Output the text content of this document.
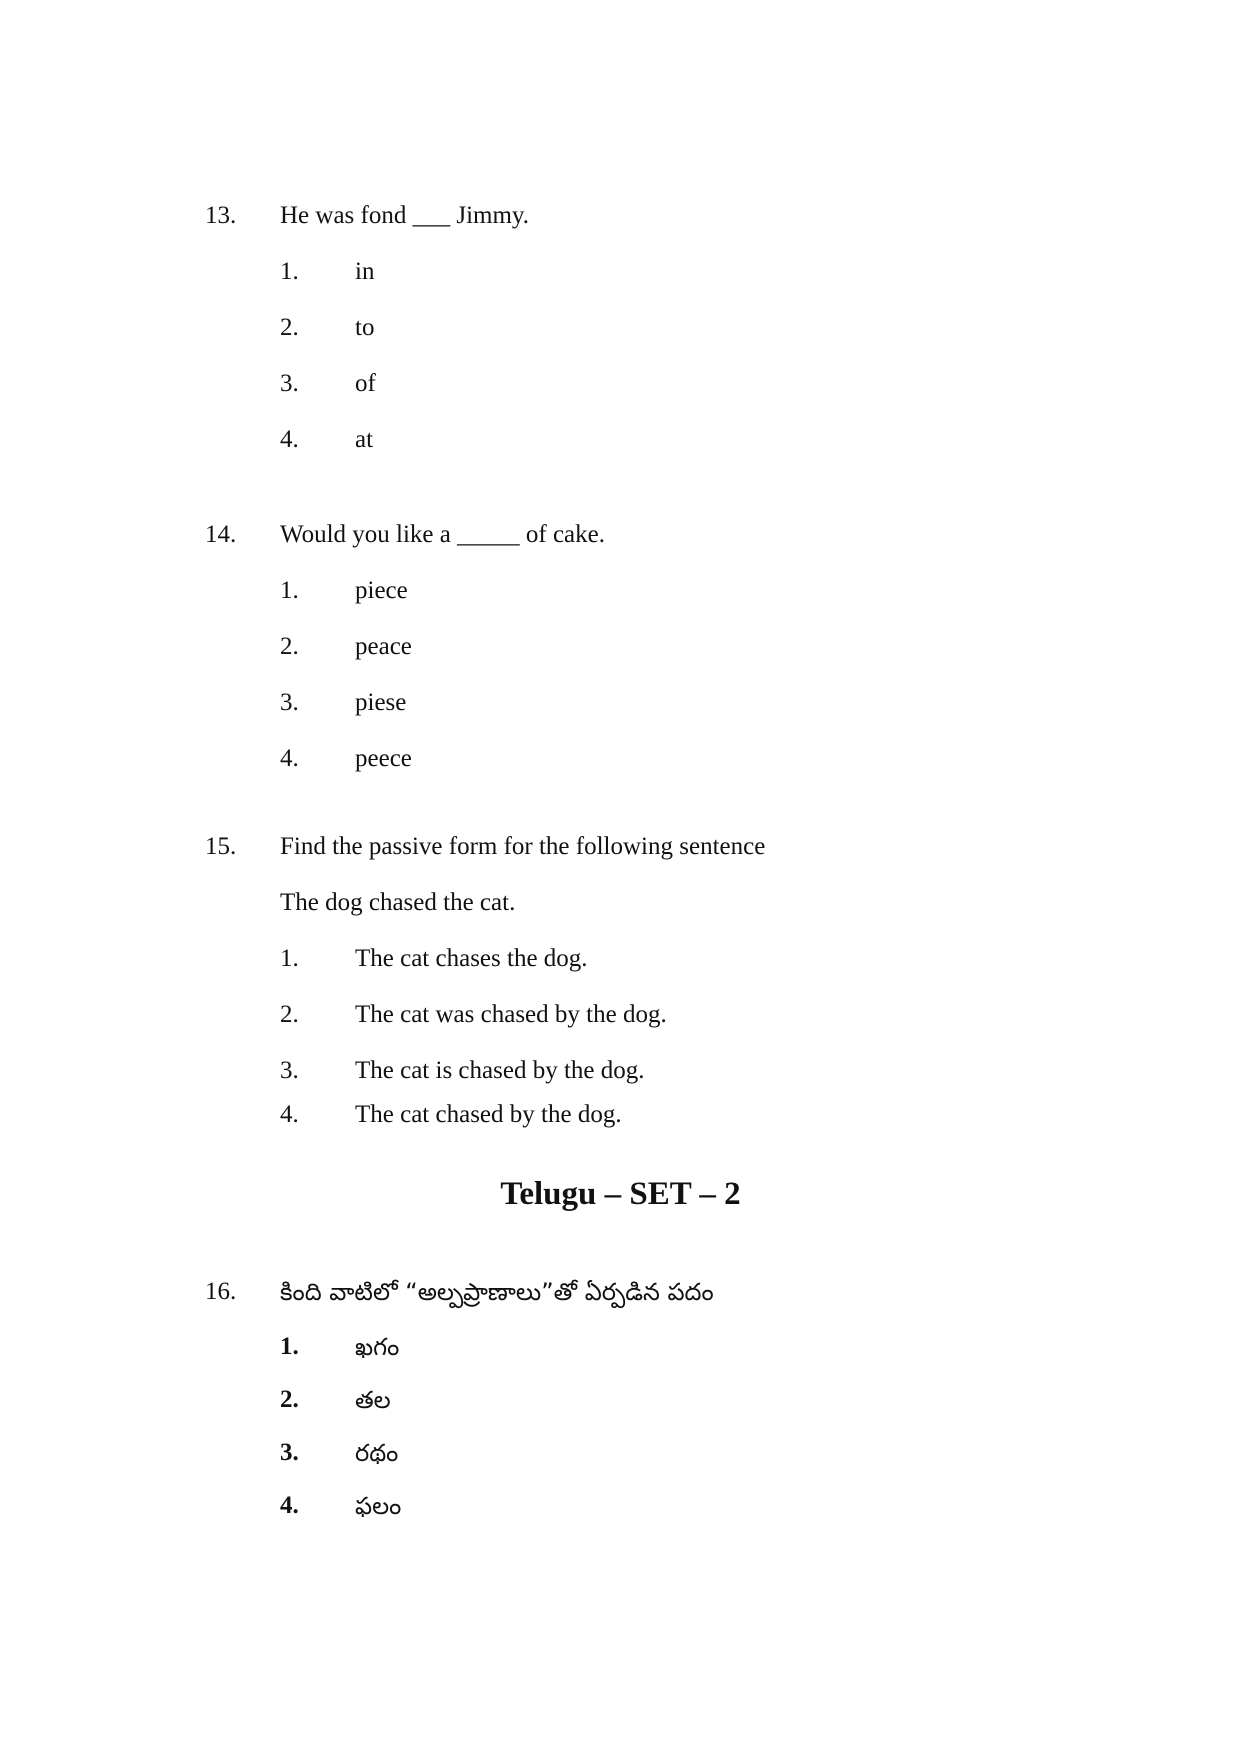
13. He was fond ___ Jimmy.
1. in
2. to
3. of
4. at
14. Would you like a _____ of cake.
1. piece
2. peace
3. piese
4. peece
15. Find the passive form for the following sentence
The dog chased the cat.
1. The cat chases the dog.
2. The cat was chased by the dog.
3. The cat is chased by the dog.
4. The cat chased by the dog.
Telugu – SET – 2
16. కింది వాటిలో “అల్పప్రాణాలు”తో ఏర్పడిన పదం
1. ఖగం
2. తల
3. రథం
4. ఫలం
